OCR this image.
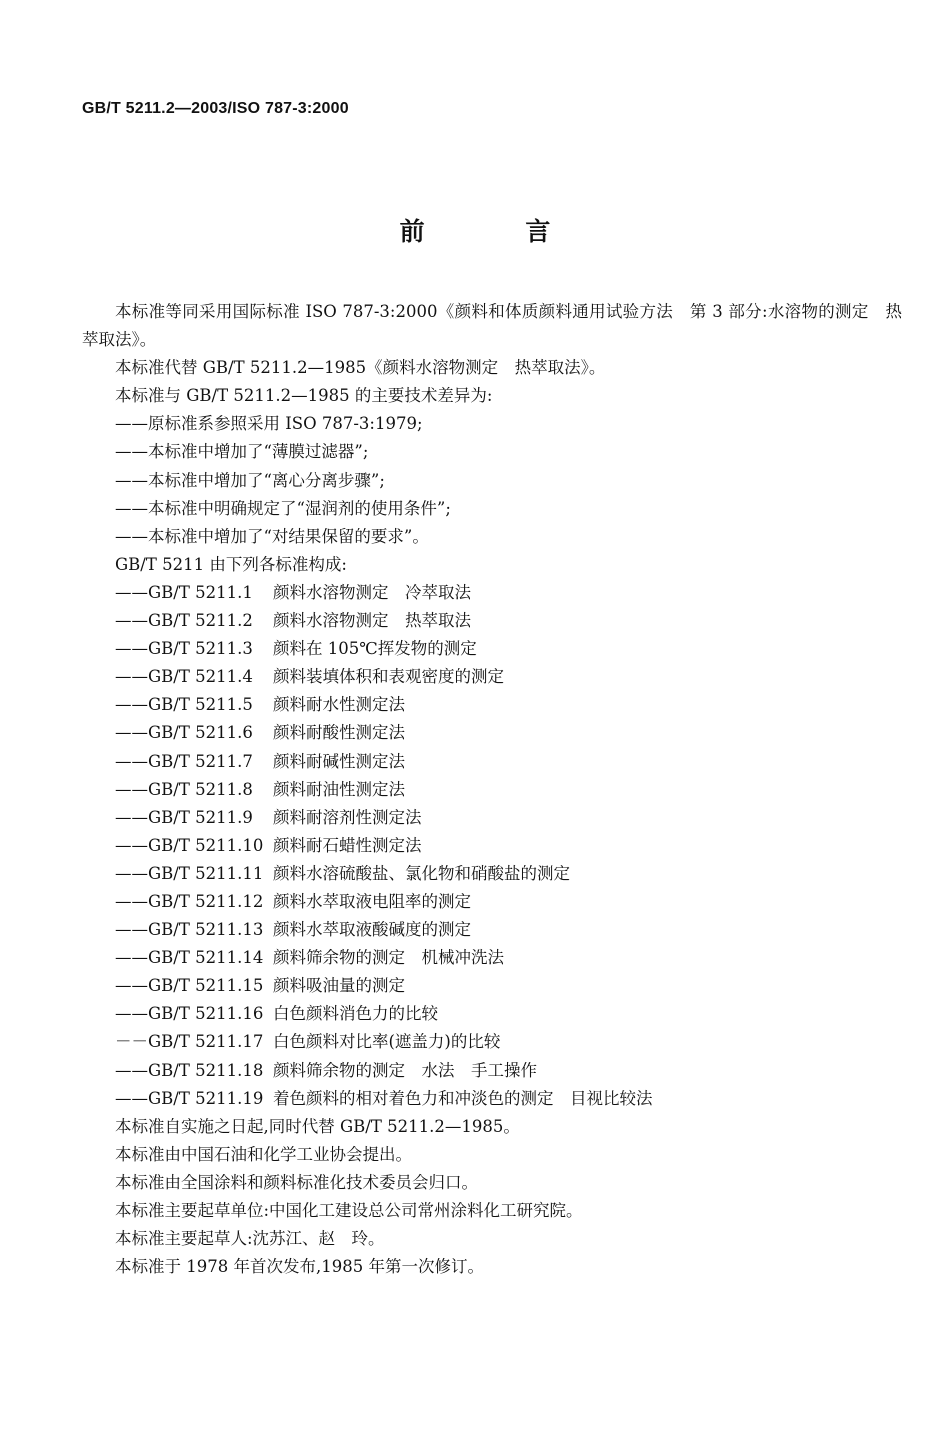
GB/T 5211.2—2003/ISO 787-3:2000
前 言

本标准等同采用国际标准 ISO 787-3:2000《颜料和体质颜料通用试验方法　第 3 部分:水溶物的测定　热萃取法》。

本标准代替 GB/T 5211.2—1985《颜料水溶物测定　热萃取法》。

本标准与 GB/T 5211.2—1985 的主要技术差异为:

——原标准系参照采用 ISO 787-3:1979;

——本标准中增加了“薄膜过滤器”;

——本标准中增加了“离心分离步骤”;

——本标准中明确规定了“湿润剂的使用条件”;

——本标准中增加了“对结果保留的要求”。

GB/T 5211 由下列各标准构成:

——GB/T 5211.1 颜料水溶物测定　冷萃取法

——GB/T 5211.2 颜料水溶物测定　热萃取法

——GB/T 5211.3 颜料在 105℃挥发物的测定

——GB/T 5211.4 颜料装填体积和表观密度的测定

——GB/T 5211.5 颜料耐水性测定法

——GB/T 5211.6 颜料耐酸性测定法

——GB/T 5211.7 颜料耐碱性测定法

——GB/T 5211.8 颜料耐油性测定法

——GB/T 5211.9 颜料耐溶剂性测定法

——GB/T 5211.10 颜料耐石蜡性测定法

——GB/T 5211.11 颜料水溶硫酸盐、氯化物和硝酸盐的测定

——GB/T 5211.12 颜料水萃取液电阻率的测定

——GB/T 5211.13 颜料水萃取液酸碱度的测定

——GB/T 5211.14 颜料筛余物的测定　机械冲洗法

——GB/T 5211.15 颜料吸油量的测定

——GB/T 5211.16 白色颜料消色力的比较

－－GB/T 5211.17 白色颜料对比率(遮盖力)的比较

——GB/T 5211.18 颜料筛余物的测定　水法　手工操作

——GB/T 5211.19 着色颜料的相对着色力和冲淡色的测定　目视比较法

本标准自实施之日起,同时代替 GB/T 5211.2—1985。

本标准由中国石油和化学工业协会提出。

本标准由全国涂料和颜料标准化技术委员会归口。

本标准主要起草单位:中国化工建设总公司常州涂料化工研究院。

本标准主要起草人:沈苏江、赵　玲。

本标准于 1978 年首次发布,1985 年第一次修订。
